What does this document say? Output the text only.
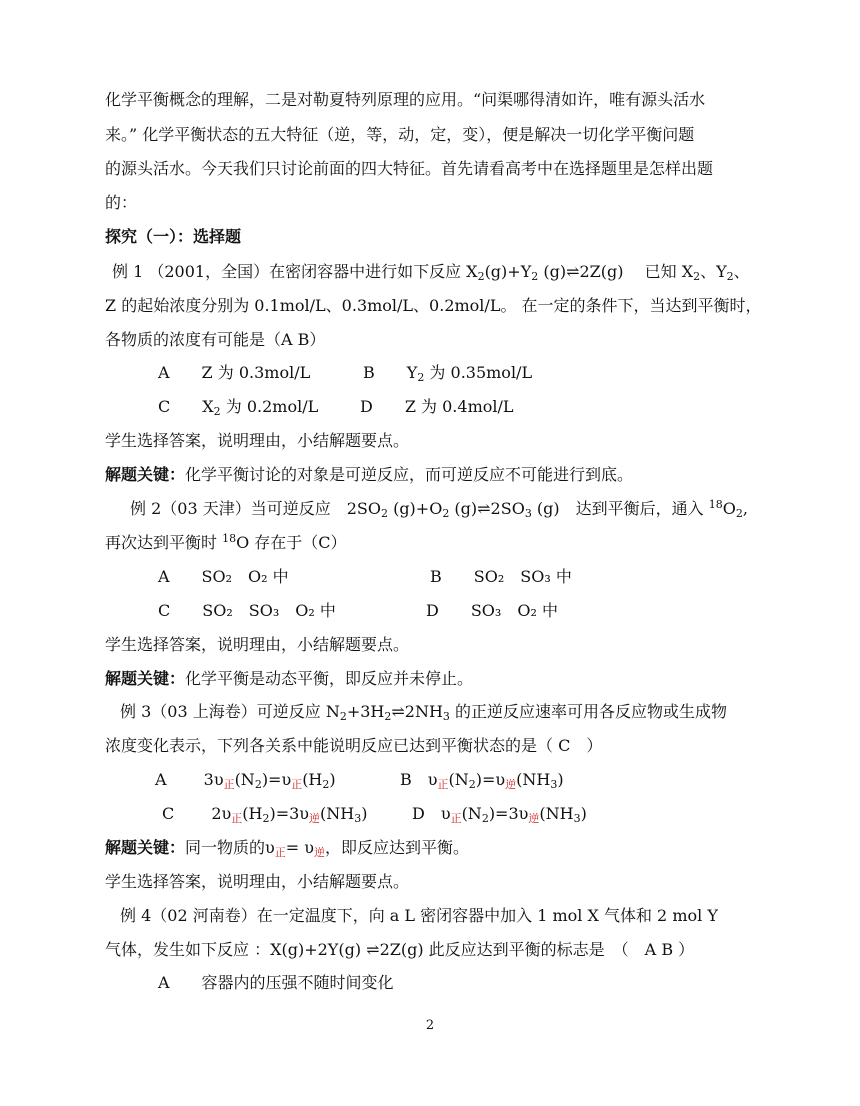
化学平衡概念的理解，二是对勒夏特列原理的应用。“问渠哪得清如许，唯有源头活水
来。” 化学平衡状态的五大特征（逆，等，动，定，变），便是解决一切化学平衡问题
的源头活水。今天我们只讨论前面的四大特征。首先请看高考中在选择题里是怎样出题
的：
探究（一）：选择题
例 1 （2001，全国）在密闭容器中进行如下反应 $X_2(g)+Y_2$ (g)⇌2Z(g)　 已知 $X_2$、$Y_2$、
Z 的起始浓度分别为 0.1mol/L、0.3mol/L、0.2mol/L。 在一定的条件下，当达到平衡时，
各物质的浓度有可能是（A B）
A　　Z 为 0.3mol/L	B　　$Y_2$ 为 0.35mol/L
C　　$X_2$ 为 0.2mol/L	D　　Z 为 0.4mol/L
学生选择答案，说明理由，小结解题要点。
解题关键：化学平衡讨论的对象是可逆反应，而可逆反应不可能进行到底。
例 2（03 天津）当可逆反应　$2SO_2$ $(g)+O_2$ $(g)\rightleftharpoons 2SO_3$ (g)　达到平衡后，通入 $^{18}O_2$,
再次达到平衡时 $^{18}$O 存在于（C）
A　　SO₂　O₂ 中	B　　SO₂　SO₃ 中
C　　SO₂　SO₃　O₂ 中	D　　SO₃　O₂ 中
学生选择答案，说明理由，小结解题要点。
解题关键：化学平衡是动态平衡，即反应并未停止。
例 3（03 上海卷）可逆反应 $N_2+3H_2\rightleftharpoons 2NH_3$ 的正逆反应速率可用各反应物或生成物
浓度变化表示，下列各关系中能说明反应已达到平衡状态的是（ C　）
A　　 $3\upsilon_正(N_2)=\upsilon_正(H_2)$	B　$\upsilon_正(N_2)=\upsilon_逆(NH_3)$
C　　 $2\upsilon_正(H_2)=3\upsilon_逆(NH_3)$	D　$\upsilon_正(N_2)=3\upsilon_逆(NH_3)$
解题关键：同一物质的$\upsilon_正= \upsilon_逆$，即反应达到平衡。
学生选择答案，说明理由，小结解题要点。
例 4（02 河南卷）在一定温度下，向 a L 密闭容器中加入 1 mol X 气体和 2 mol Y
气体，发生如下反应 ：X(g)+2Y(g) ⇌2Z(g) 此反应达到平衡的标志是　（　A B ）
A　　容器内的压强不随时间变化
2
